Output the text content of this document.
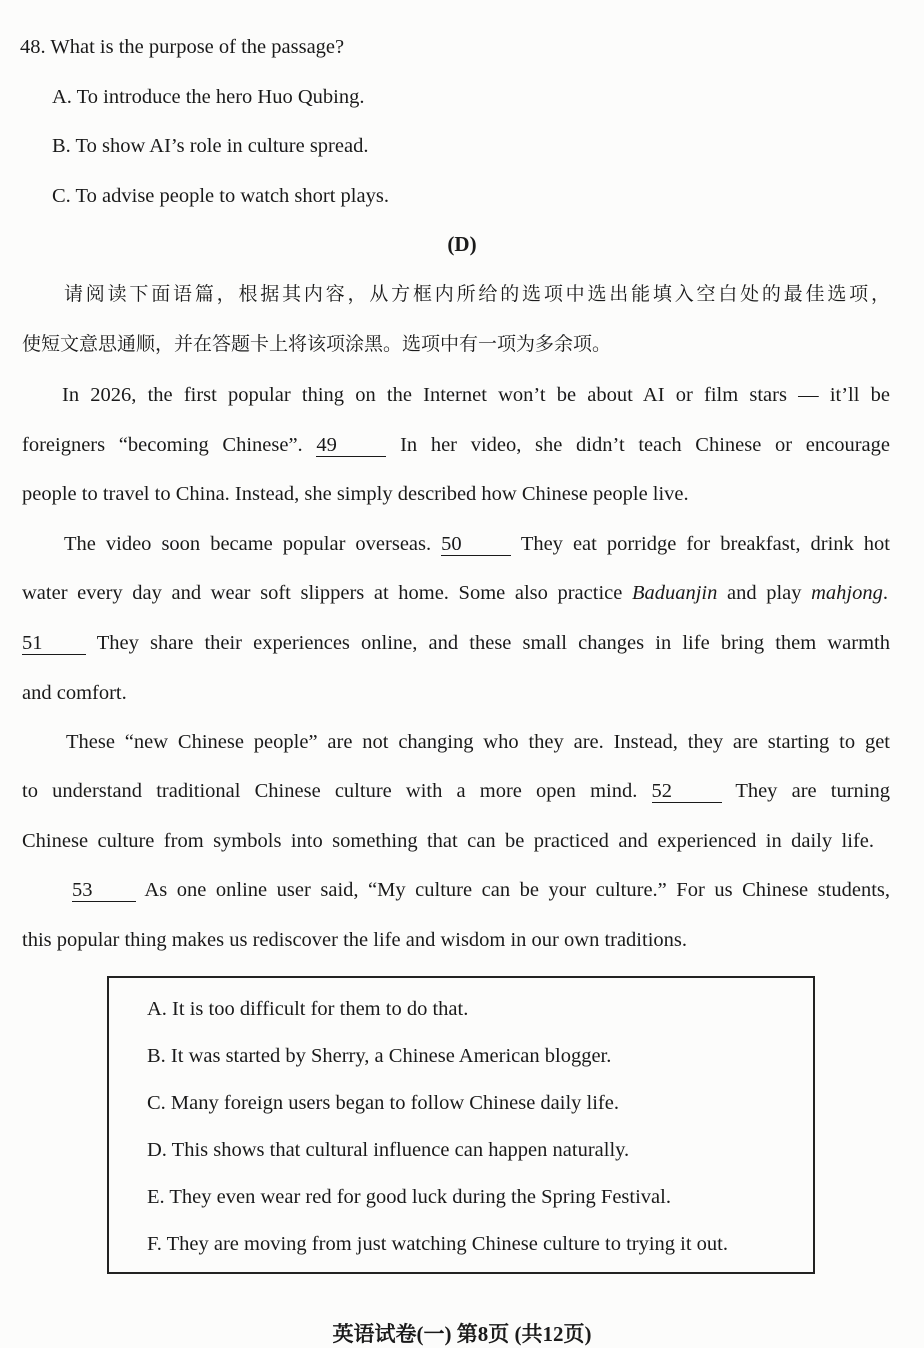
48. What is the purpose of the passage?
A. To introduce the hero Huo Qubing.
B. To show AI’s role in culture spread.
C. To advise people to watch short plays.
(D)
请阅读下面语篇，根据其内容，从方框内所给的选项中选出能填入空白处的最佳选项，
使短文意思通顺，并在答题卡上将该项涂黑。选项中有一项为多余项。
In 2026, the first popular thing on the Internet won’t be about AI or film stars — it’ll be
foreigners “becoming Chinese”. 49	In her video, she didn’t teach Chinese or encourage
people to travel to China. Instead, she simply described how Chinese people live.
The video soon became popular overseas. 50	They eat porridge for breakfast, drink hot
water every day and wear soft slippers at home. Some also practice Baduanjin and play mahjong.
51	They share their experiences online, and these small changes in life bring them warmth
and comfort.
These “new Chinese people” are not changing who they are. Instead, they are starting to get
to understand traditional Chinese culture with a more open mind. 52	They are turning
Chinese culture from symbols into something that can be practiced and experienced in daily life.
53	As one online user said, “My culture can be your culture.” For us Chinese students,
this popular thing makes us rediscover the life and wisdom in our own traditions.
A. It is too difficult for them to do that.
B. It was started by Sherry, a Chinese American blogger.
C. Many foreign users began to follow Chinese daily life.
D. This shows that cultural influence can happen naturally.
E. They even wear red for good luck during the Spring Festival.
F. They are moving from just watching Chinese culture to trying it out.
英语试卷(一) 第8页 (共12页)
